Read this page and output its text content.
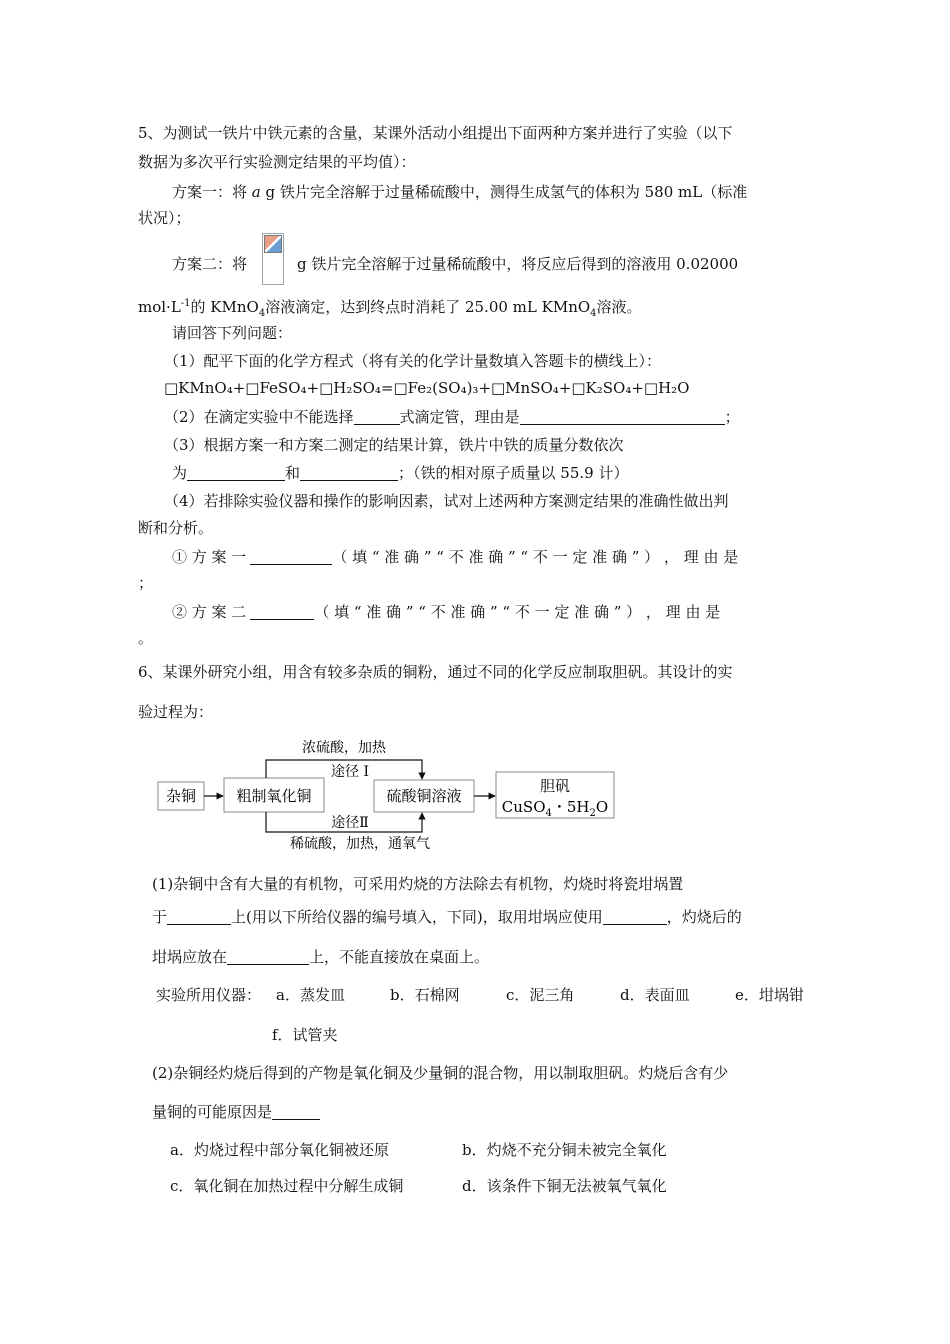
5、为测试一铁片中铁元素的含量，某课外活动小组提出下面两种方案并进行了实验（以下
数据为多次平行实验测定结果的平均值）：
方案一：将 a g 铁片完全溶解于过量稀硫酸中，测得生成氢气的体积为 580 mL（标准
状况）；
方案二：将	g 铁片完全溶解于过量稀硫酸中，将反应后得到的溶液用 0.02000
$mol\cdot L^{-1}$的 KMnO$_4$溶液滴定，达到终点时消耗了 25.00 mL KMnO$_4$溶液。
请回答下列问题：
（1）配平下面的化学方程式（将有关的化学计量数填入答题卡的横线上）：
□KMnO₄+□FeSO₄+□H₂SO₄=□Fe₂(SO₄)₃+□MnSO₄+□K₂SO₄+□H₂O
（2）在滴定实验中不能选择	式滴定管，理由是	；
（3）根据方案一和方案二测定的结果计算，铁片中铁的质量分数依次
为	和	；（铁的相对原子质量以 55.9 计）
（4）若排除实验仪器和操作的影响因素，试对上述两种方案测定结果的准确性做出判
断和分析。
① 方 案 一	（ 填 “ 准 确 ” “ 不 准 确 ” “ 不 一 定 准 确 ” ） ， 理 由 是
；
② 方 案 二	（ 填 “ 准 确 ” “ 不 准 确 ” “ 不 一 定 准 确 ” ） ， 理 由 是
。
6、某课外研究小组，用含有较多杂质的铜粉，通过不同的化学反应制取胆矾。其设计的实
验过程为：
杂铜	粗制氧化铜	硫酸铜溶液
胆矾
CuSO$_4$・$5H_2O$
浓硫酸，加热
途径 I
途径Ⅱ
稀硫酸，加热，通氧气
(1)杂铜中含有大量的有机物，可采用灼烧的方法除去有机物，灼烧时将瓷坩埚置
于	上(用以下所给仪器的编号填入，下同)，取用坩埚应使用	，灼烧后的
坩埚应放在	上，不能直接放在桌面上。
实验所用仪器： a．蒸发皿	b．石棉网	c．泥三角	d．表面皿	e．坩埚钳
f．试管夹
(2)杂铜经灼烧后得到的产物是氧化铜及少量铜的混合物，用以制取胆矾。灼烧后含有少
量铜的可能原因是
a．灼烧过程中部分氧化铜被还原	b．灼烧不充分铜未被完全氧化
c．氧化铜在加热过程中分解生成铜	d．该条件下铜无法被氧气氧化
